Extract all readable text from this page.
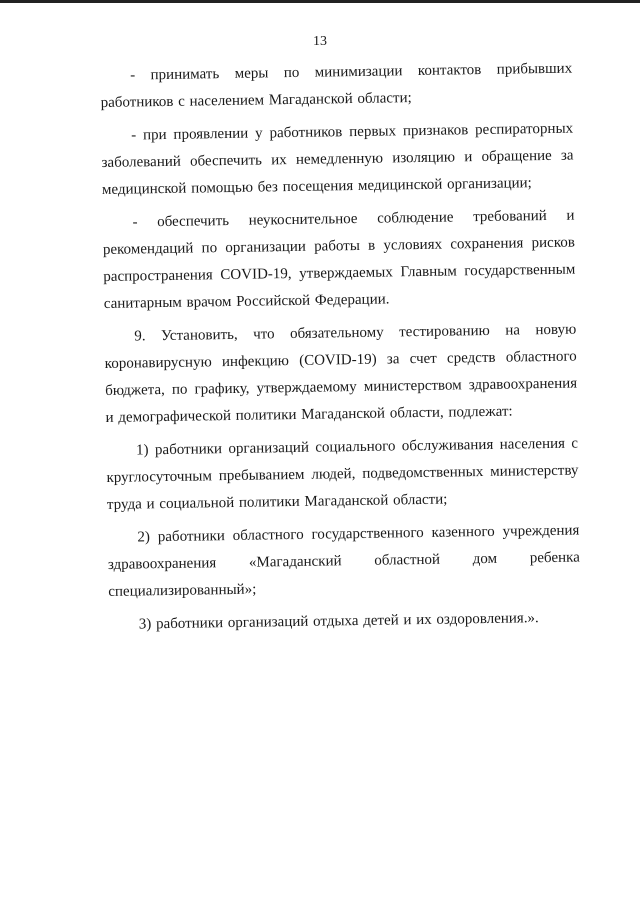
13

- принимать меры по минимизации контактов прибывших работников с населением Магаданской области;

- при проявлении у работников первых признаков респираторных заболеваний обеспечить их немедленную изоляцию и обращение за медицинской помощью без посещения медицинской организации;

- обеспечить неукоснительное соблюдение требований и рекомендаций по организации работы в условиях сохранения рисков распространения COVID-19, утверждаемых Главным государственным санитарным врачом Российской Федерации.

9. Установить, что обязательному тестированию на новую коронавирусную инфекцию (COVID-19) за счет средств областного бюджета, по графику, утверждаемому министерством здравоохранения и демографической политики Магаданской области, подлежат:

1) работники организаций социального обслуживания населения с круглосуточным пребыванием людей, подведомственных министерству труда и социальной политики Магаданской области;

2) работники областного государственного казенного учреждения здравоохранения «Магаданский областной дом ребенка специализированный»;

3) работники организаций отдыха детей и их оздоровления.».
